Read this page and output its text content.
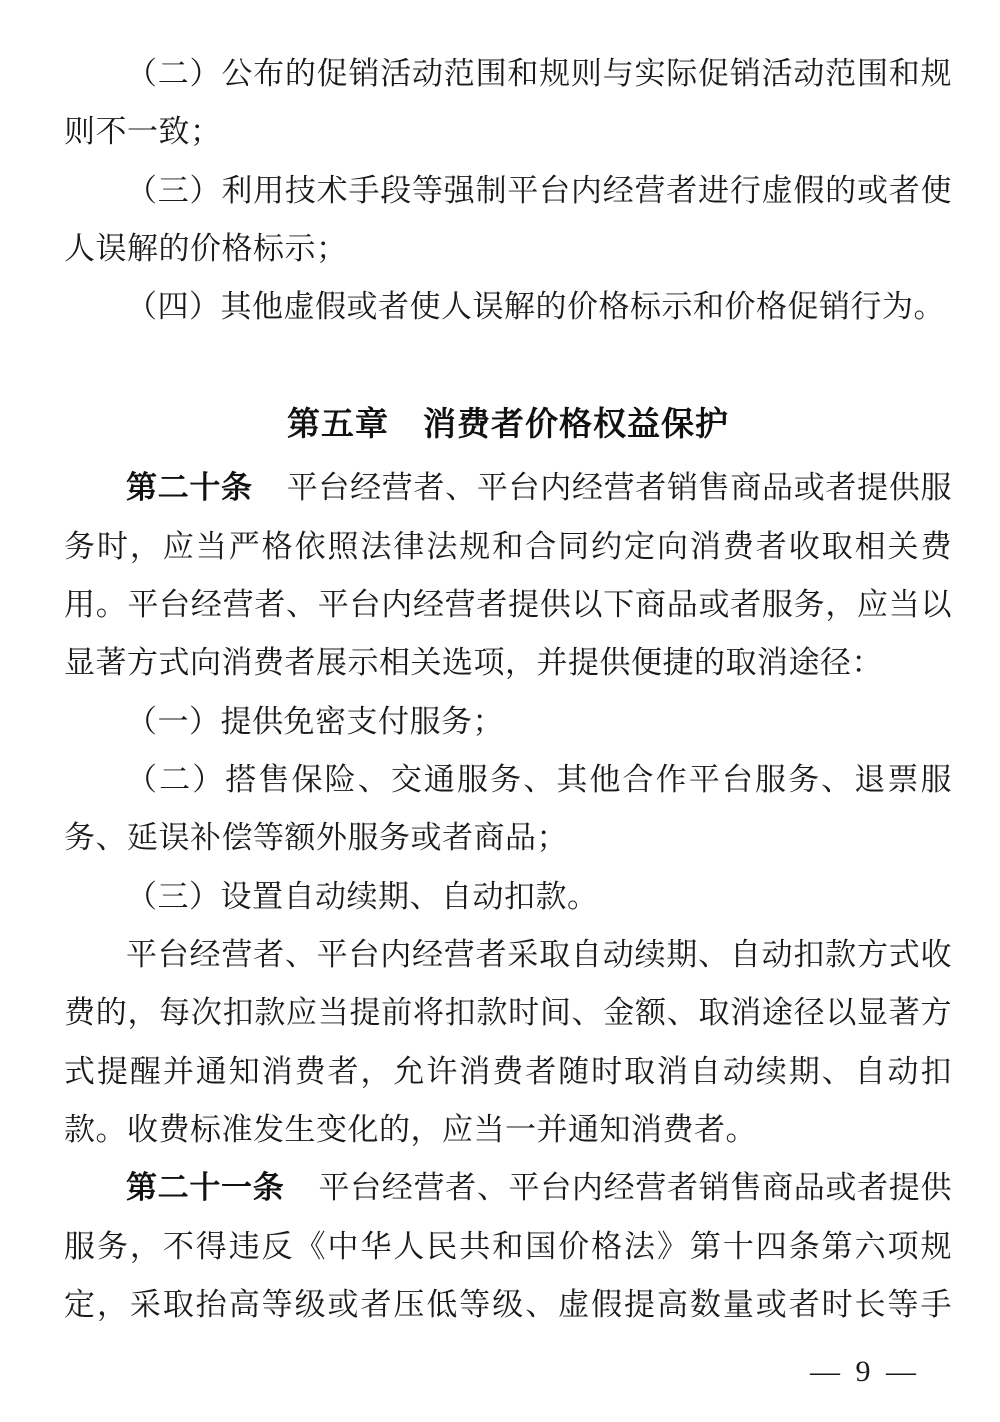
（二）公布的促销活动范围和规则与实际促销活动范围和规则不一致；

（三）利用技术手段等强制平台内经营者进行虚假的或者使人误解的价格标示；

（四）其他虚假或者使人误解的价格标示和价格促销行为。

第五章　消费者价格权益保护

第二十条 平台经营者、平台内经营者销售商品或者提供服务时，应当严格依照法律法规和合同约定向消费者收取相关费用。平台经营者、平台内经营者提供以下商品或者服务，应当以显著方式向消费者展示相关选项，并提供便捷的取消途径：

（一）提供免密支付服务；

（二）搭售保险、交通服务、其他合作平台服务、退票服务、延误补偿等额外服务或者商品；

（三）设置自动续期、自动扣款。

平台经营者、平台内经营者采取自动续期、自动扣款方式收费的，每次扣款应当提前将扣款时间、金额、取消途径以显著方式提醒并通知消费者，允许消费者随时取消自动续期、自动扣款。收费标准发生变化的，应当一并通知消费者。

第二十一条 平台经营者、平台内经营者销售商品或者提供服务，不得违反《中华人民共和国价格法》第十四条第六项规定，采取抬高等级或者压低等级、虚假提高数量或者时长等手

— 9 —
